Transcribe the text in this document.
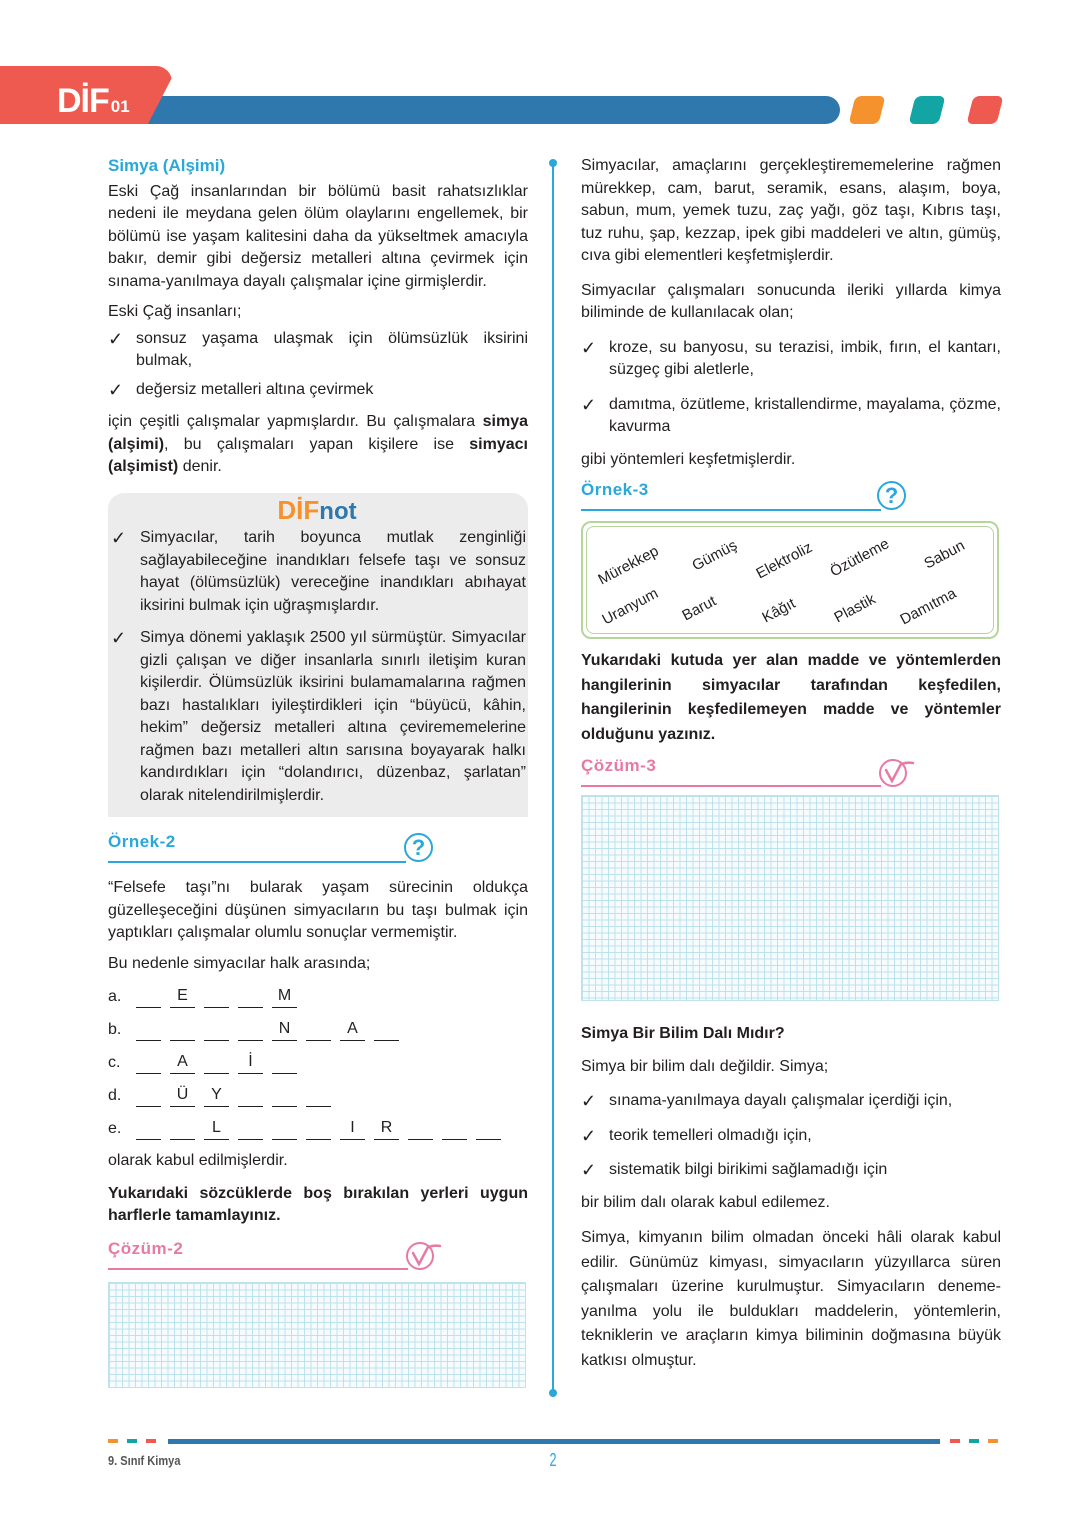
DİF 01
Simya (Alşimi)

Eski Çağ insanlarından bir bölümü basit rahatsızlıklar nedeni ile meydana gelen ölüm olaylarını engellemek, bir bölümü ise yaşam kalitesini daha da yükseltmek amacıyla bakır, demir gibi değersiz metalleri altına çevirmek için sınama-yanılmaya dayalı çalışmalar içine girmişlerdir.

Eski Çağ insanları;

✓ sonsuz yaşama ulaşmak için ölümsüzlük iksirini bulmak,
✓ değersiz metalleri altına çevirmek

için çeşitli çalışmalar yapmışlardır. Bu çalışmalara simya (alşimi), bu çalışmaları yapan kişilere ise simyacı (alşimist) denir.

DİFnot
✓ Simyacılar, tarih boyunca mutlak zenginliği sağlayabileceğine inandıkları felsefe taşı ve sonsuz hayat (ölümsüzlük) vereceğine inandıkları abıhayat iksirini bulmak için uğraşmışlardır.
✓ Simya dönemi yaklaşık 2500 yıl sürmüştür. Simyacılar gizli çalışan ve diğer insanlarla sınırlı iletişim kuran kişilerdir. Ölümsüzlük iksirini bulamamalarına rağmen bazı hastalıkları iyileştirdikleri için “büyücü, kâhin, hekim” değersiz metalleri altına çevirememelerine rağmen bazı metalleri altın sarısına boyayarak halkı kandırdıkları için “dolandırıcı, düzenbaz, şarlatan” olarak nitelendirilmişlerdir.
Örnek-2	?

“Felsefe taşı”nı bularak yaşam sürecinin oldukça güzelleşeceğini düşünen simyacıların bu taşı bulmak için yaptıkları çalışmalar olumlu sonuçlar vermemiştir.

Bu nedenle simyacılar halk arasında;

a.	E	M
b.	N	A
c.	A	İ
d.	Ü	Y
e.	L	I	R

olarak kabul edilmişlerdir.

Yukarıdaki sözcüklerde boş bırakılan yerleri uygun harflerle tamamlayınız.

Çözüm-2

Simyacılar, amaçlarını gerçekleştirememelerine rağmen mürekkep, cam, barut, seramik, esans, alaşım, boya, sabun, mum, yemek tuzu, zaç yağı, göz taşı, Kıbrıs taşı, tuz ruhu, şap, kezzap, ipek gibi maddeleri ve altın, gümüş, cıva gibi elementleri keşfetmişlerdir.

Simyacılar çalışmaları sonucunda ileriki yıllarda kimya biliminde de kullanılacak olan;

✓ kroze, su banyosu, su terazisi, imbik, fırın, el kantarı, süzgeç gibi aletlerle,
✓ damıtma, özütleme, kristallendirme, mayalama, çözme, kavurma

gibi yöntemleri keşfetmişlerdir.

Örnek-3	?
Mürekkep Gümüş Elektroliz Özütleme Sabun
Uranyum Barut	Kâğıt Plastik Damıtma

Yukarıdaki kutuda yer alan madde ve yöntemlerden hangilerinin simyacılar tarafından keşfedilen, hangilerinin keşfedilemeyen madde ve yöntemler olduğunu yazınız.

Çözüm-3
Simya Bir Bilim Dalı Mıdır?

Simya bir bilim dalı değildir. Simya;

✓ sınama-yanılmaya dayalı çalışmalar içerdiği için,
✓ teorik temelleri olmadığı için,
✓ sistematik bilgi birikimi sağlamadığı için

bir bilim dalı olarak kabul edilemez.

Simya, kimyanın bilim olmadan önceki hâli olarak kabul edilir. Günümüz kimyası, simyacıların yüzyıllarca süren çalışmaları üzerine kurulmuştur. Simyacıların deneme-yanılma yolu ile buldukları maddelerin, yöntemlerin, tekniklerin ve araçların kimya biliminin doğmasına büyük katkısı olmuştur.

9. Sınıf Kimya	2
